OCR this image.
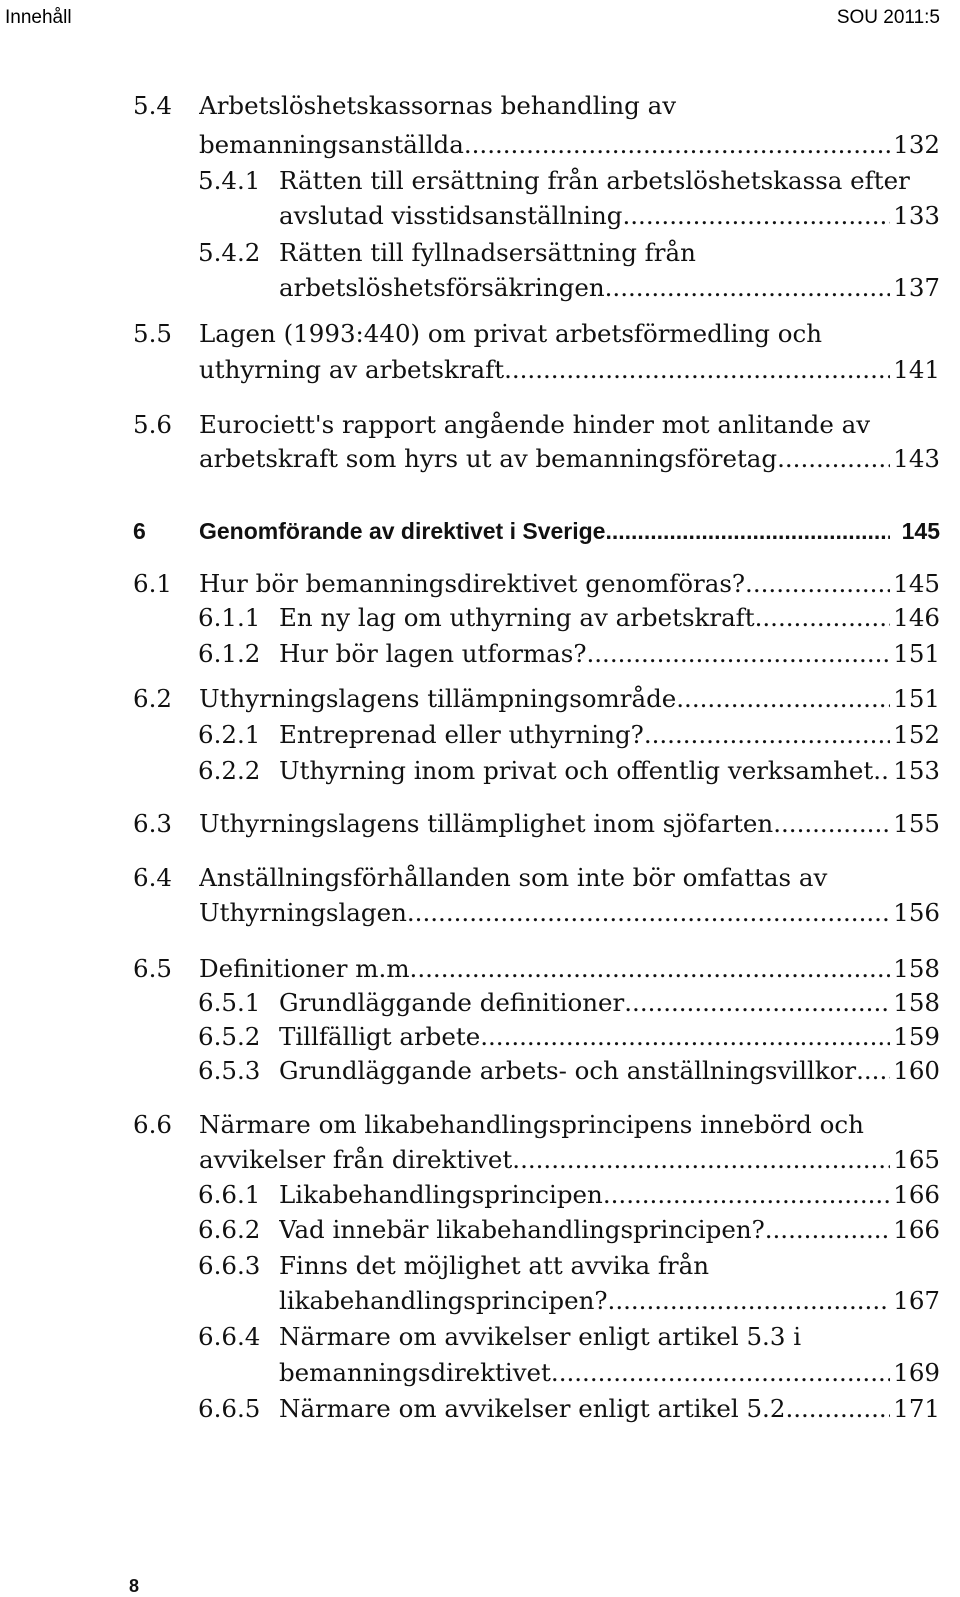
Innehåll	SOU 2011:5
5.4 Arbetslöshetskassornas behandling av
bemanningsanställda .....	132
5.4.1 Rätten till ersättning från arbetslöshetskassa efter
avslutad visstidsanställning .....	133
5.4.2 Rätten till fyllnadsersättning från
arbetslöshetsförsäkringen .....	137
5.5 Lagen (1993:440) om privat arbetsförmedling och
uthyrning av arbetskraft .....	141
5.6 Eurociett's rapport angående hinder mot anlitande av
arbetskraft som hyrs ut av bemanningsföretag .....	143
6 Genomförande av direktivet i Sverige .....	145
6.1 Hur bör bemanningsdirektivet genomföras? .....	145
6.1.1 En ny lag om uthyrning av arbetskraft .....	146
6.1.2 Hur bör lagen utformas? .....	151
6.2 Uthyrningslagens tillämpningsområde .....	151
6.2.1 Entreprenad eller uthyrning? .....	152
6.2.2 Uthyrning inom privat och offentlig verksamhet ..... 153
6.3 Uthyrningslagens tillämplighet inom sjöfarten .....	155
6.4 Anställningsförhållanden som inte bör omfattas av
Uthyrningslagen .....	156
6.5 Definitioner m.m. .....	158
6.5.1 Grundläggande definitioner .....	158
6.5.2 Tillfälligt arbete .....	159
6.5.3 Grundläggande arbets- och anställningsvillkor ..... 160
6.6 Närmare om likabehandlingsprincipens innebörd och
avvikelser från direktivet .....	165
6.6.1 Likabehandlingsprincipen .....	166
6.6.2 Vad innebär likabehandlingsprincipen? .....	166
6.6.3 Finns det möjlighet att avvika från
likabehandlingsprincipen? .....	167
6.6.4 Närmare om avvikelser enligt artikel 5.3 i
bemanningsdirektivet .....	169
6.6.5 Närmare om avvikelser enligt artikel 5.2 .....	171
8
